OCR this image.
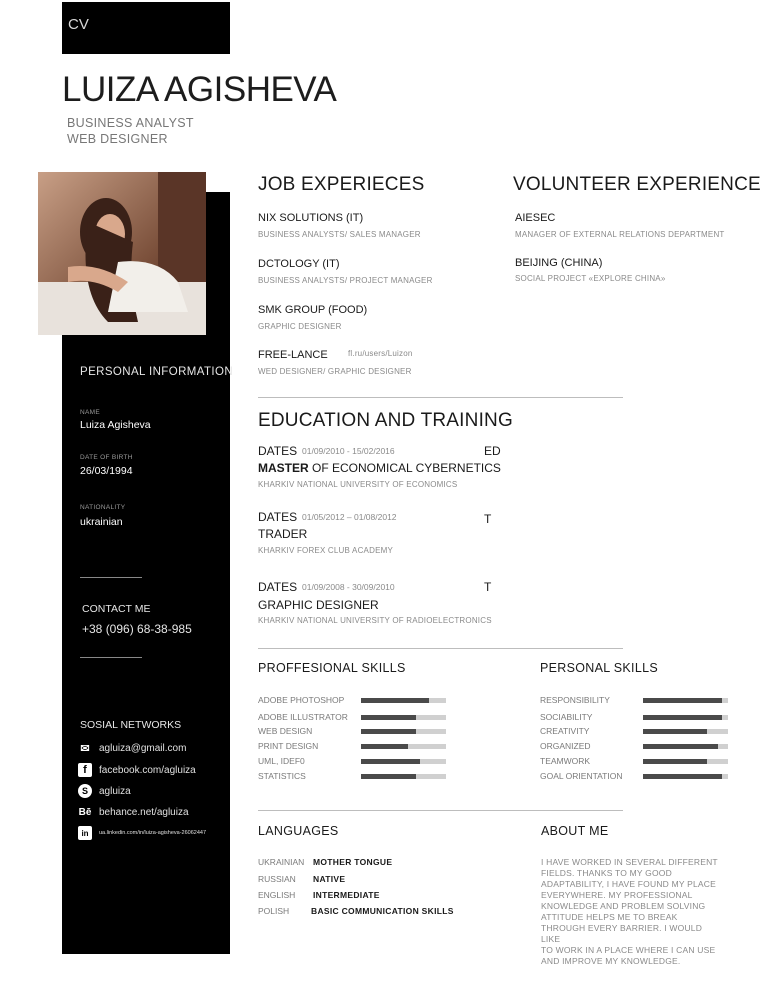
CV
LUIZA AGISHEVA
BUSINESS ANALYST
WEB DESIGNER
PERSONAL INFORMATION
NAME
Luiza Agisheva
DATE OF BIRTH
26/03/1994
NATIONALITY
ukrainian
CONTACT ME
+38 (096) 68-38-985
SOSIAL NETWORKS
✉ agluiza@gmail.com
f	facebook.com/agluiza
S	agluiza
Bē behance.net/agluiza
in	ua.linkedin.com/in/luiza-agisheva-26062447
JOB EXPERIECES
NIX SOLUTIONS (IT)
BUSINESS ANALYSTS/ SALES MANAGER
DCTOLOGY (IT)
BUSINESS ANALYSTS/ PROJECT MANAGER
SMK GROUP (FOOD)
GRAPHIC DESIGNER
FREE-LANCE	fl.ru/users/Luizon
WED DESIGNER/ GRAPHIC DESIGNER
VOLUNTEER EXPERIENCE
AIESEC
MANAGER OF EXTERNAL RELATIONS DEPARTMENT
BEIJING (CHINA)
SOCIAL PROJECT «EXPLORE CHINA»
EDUCATION AND TRAINING
DATES 01/09/2010 - 15/02/2016	ED
MASTER OF ECONOMICAL CYBERNETICS
KHARKIV NATIONAL UNIVERSITY OF ECONOMICS
DATES 01/05/2012 – 01/08/2012	T
TRADER
KHARKIV FOREX CLUB ACADEMY
DATES 01/09/2008 - 30/09/2010	T
GRAPHIC DESIGNER
KHARKIV NATIONAL UNIVERSITY OF RADIOELECTRONICS
PROFFESIONAL SKILLS	PERSONAL SKILLS
ADOBE PHOTOSHOP
ADOBE ILLUSTRATOR
WEB DESIGN
PRINT DESIGN
UML, IDEF0
STATISTICS
RESPONSIBILITY
SOCIABILITY
CREATIVITY
ORGANIZED
TEAMWORK
GOAL ORIENTATION
LANGUAGES
UKRAINIAN MOTHER TONGUE
RUSSIAN NATIVE
ENGLISH INTERMEDIATE
POLISH	BASIC COMMUNICATION SKILLS
ABOUT ME
I HAVE WORKED IN SEVERAL DIFFERENT
FIELDS. THANKS TO MY GOOD
ADAPTABILITY, I HAVE FOUND MY PLACE
EVERYWHERE. MY PROFESSIONAL
KNOWLEDGE AND PROBLEM SOLVING
ATTITUDE HELPS ME TO BREAK
THROUGH EVERY BARRIER. I WOULD LIKE
TO WORK IN A PLACE WHERE I CAN USE
AND IMPROVE MY KNOWLEDGE.
